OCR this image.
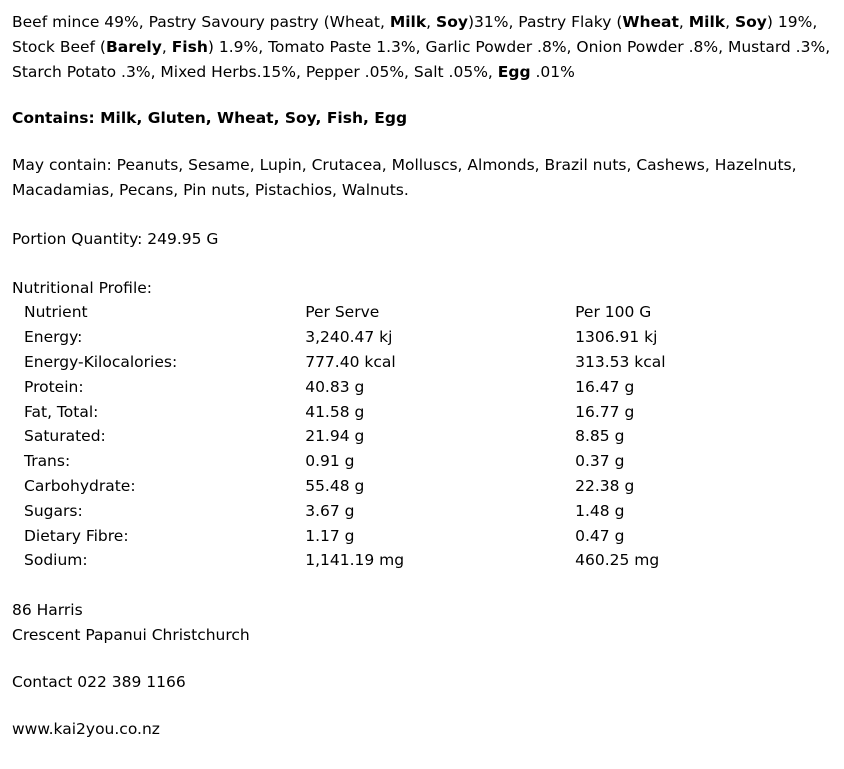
Beef mince 49%, Pastry Savoury pastry (Wheat, Milk, Soy)31%, Pastry Flaky (Wheat, Milk, Soy) 19%, Stock Beef (Barely, Fish) 1.9%, Tomato Paste 1.3%, Garlic Powder .8%, Onion Powder .8%, Mustard .3%, Starch Potato .3%, Mixed Herbs.15%, Pepper .05%, Salt .05%, Egg .01%

Contains: Milk, Gluten, Wheat, Soy, Fish, Egg

May contain: Peanuts, Sesame, Lupin, Crutacea, Molluscs, Almonds, Brazil nuts, Cashews, Hazelnuts, Macadamias, Pecans, Pin nuts, Pistachios, Walnuts.

Portion Quantity: 249.95 G

Nutritional Profile:

Nutrient	Per Serve	Per 100 G
Energy:	3,240.47 kj	1306.91 kj
Energy-Kilocalories:	777.40 kcal	313.53 kcal
Protein:	40.83 g	16.47 g
Fat, Total:	41.58 g	16.77 g
Saturated:	21.94 g	8.85 g
Trans:	0.91 g	0.37 g
Carbohydrate:	55.48 g	22.38 g
Sugars:	3.67 g	1.48 g
Dietary Fibre:	1.17 g	0.47 g
Sodium:	1,141.19 mg	460.25 mg

86 Harris

Crescent Papanui Christchurch

Contact 022 389 1166

www.kai2you.co.nz
